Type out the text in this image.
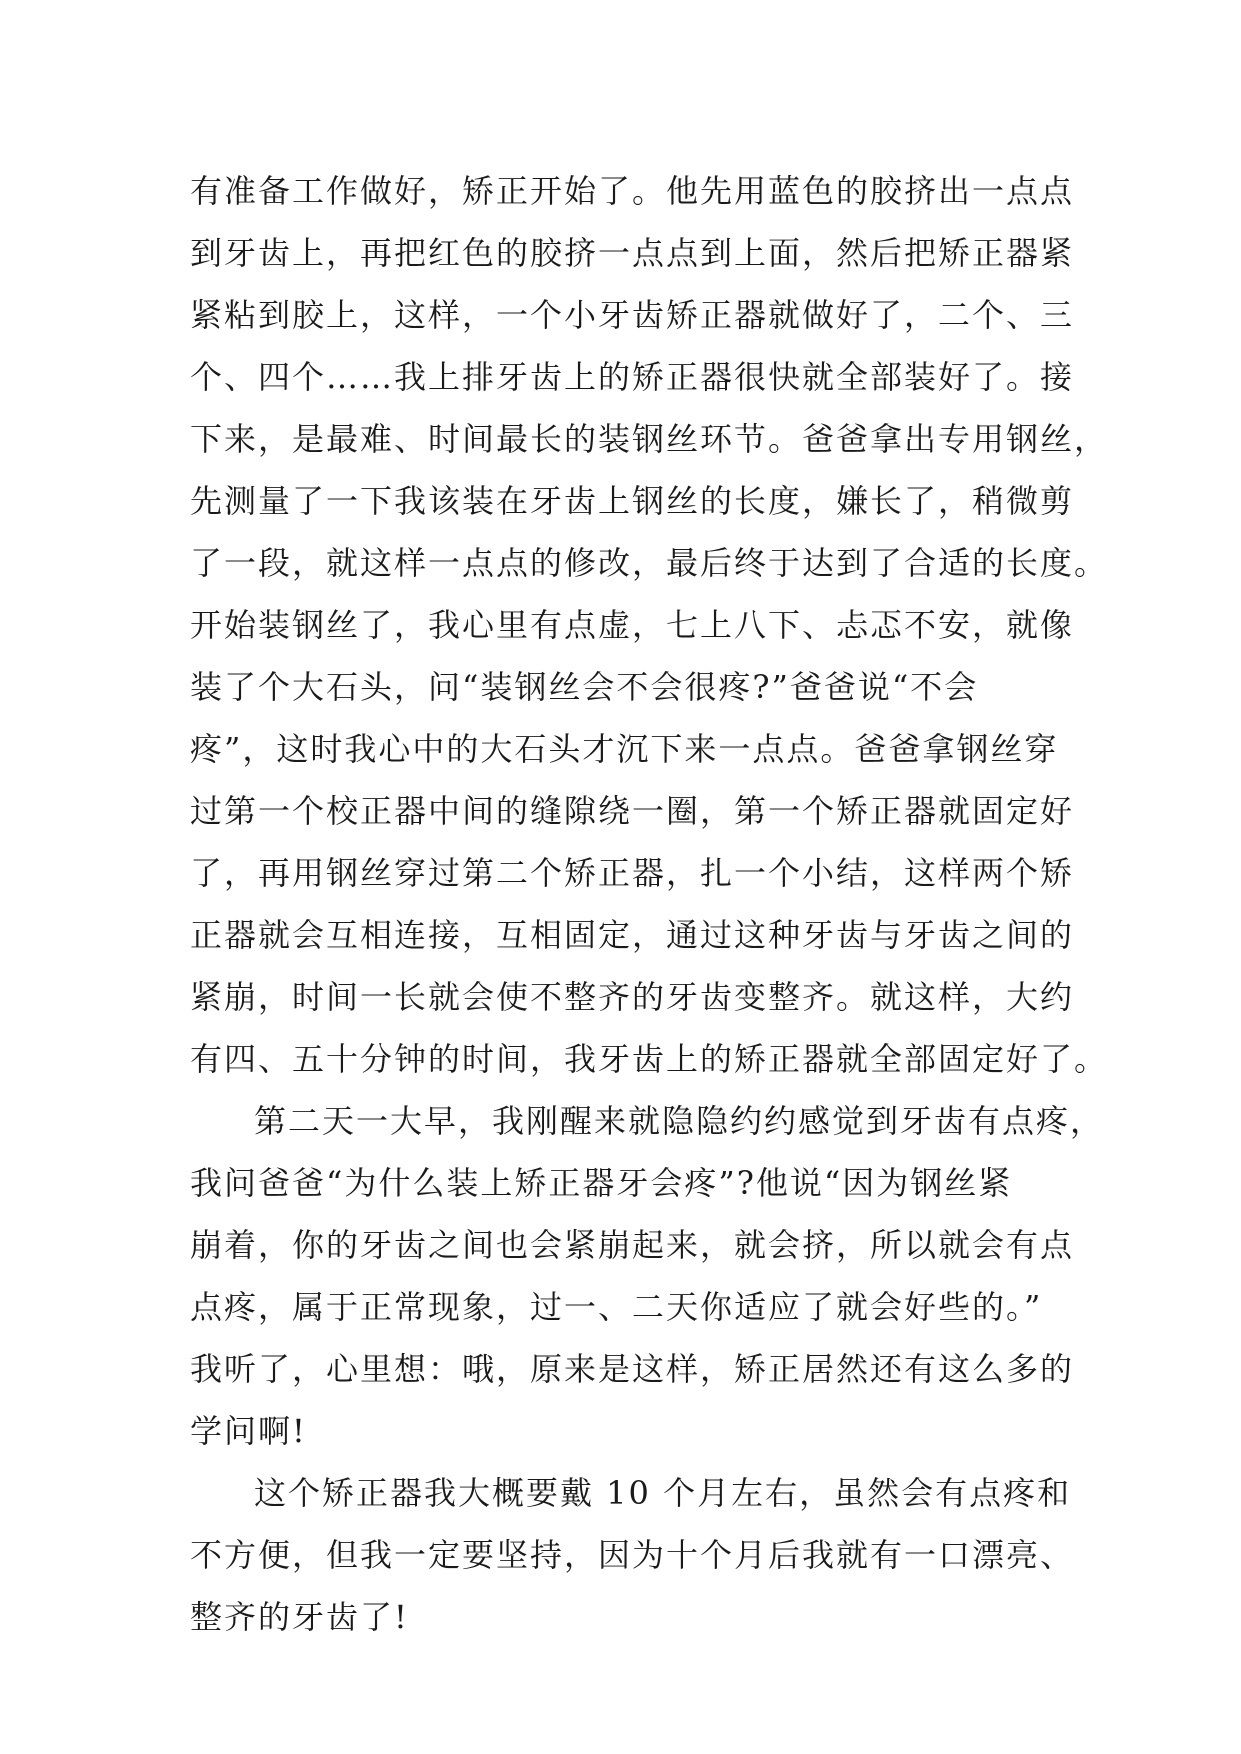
有准备工作做好，矫正开始了。他先用蓝色的胶挤出一点点
到牙齿上，再把红色的胶挤一点点到上面，然后把矫正器紧
紧粘到胶上，这样，一个小牙齿矫正器就做好了，二个、三
个、四个……我上排牙齿上的矫正器很快就全部装好了。接
下来，是最难、时间最长的装钢丝环节。爸爸拿出专用钢丝，
先测量了一下我该装在牙齿上钢丝的长度，嫌长了，稍微剪
了一段，就这样一点点的修改，最后终于达到了合适的长度。
开始装钢丝了，我心里有点虚，七上八下、忐忑不安，就像
装了个大石头，问“装钢丝会不会很疼?”爸爸说“不会
疼”，这时我心中的大石头才沉下来一点点。爸爸拿钢丝穿
过第一个校正器中间的缝隙绕一圈，第一个矫正器就固定好
了，再用钢丝穿过第二个矫正器，扎一个小结，这样两个矫
正器就会互相连接，互相固定，通过这种牙齿与牙齿之间的
紧崩，时间一长就会使不整齐的牙齿变整齐。就这样，大约
有四、五十分钟的时间，我牙齿上的矫正器就全部固定好了。
第二天一大早，我刚醒来就隐隐约约感觉到牙齿有点疼，
我问爸爸“为什么装上矫正器牙会疼”?他说“因为钢丝紧
崩着，你的牙齿之间也会紧崩起来，就会挤，所以就会有点
点疼，属于正常现象，过一、二天你适应了就会好些的。”
我听了，心里想：哦，原来是这样，矫正居然还有这么多的
学问啊!
这个矫正器我大概要戴 10 个月左右，虽然会有点疼和
不方便，但我一定要坚持，因为十个月后我就有一口漂亮、
整齐的牙齿了!
